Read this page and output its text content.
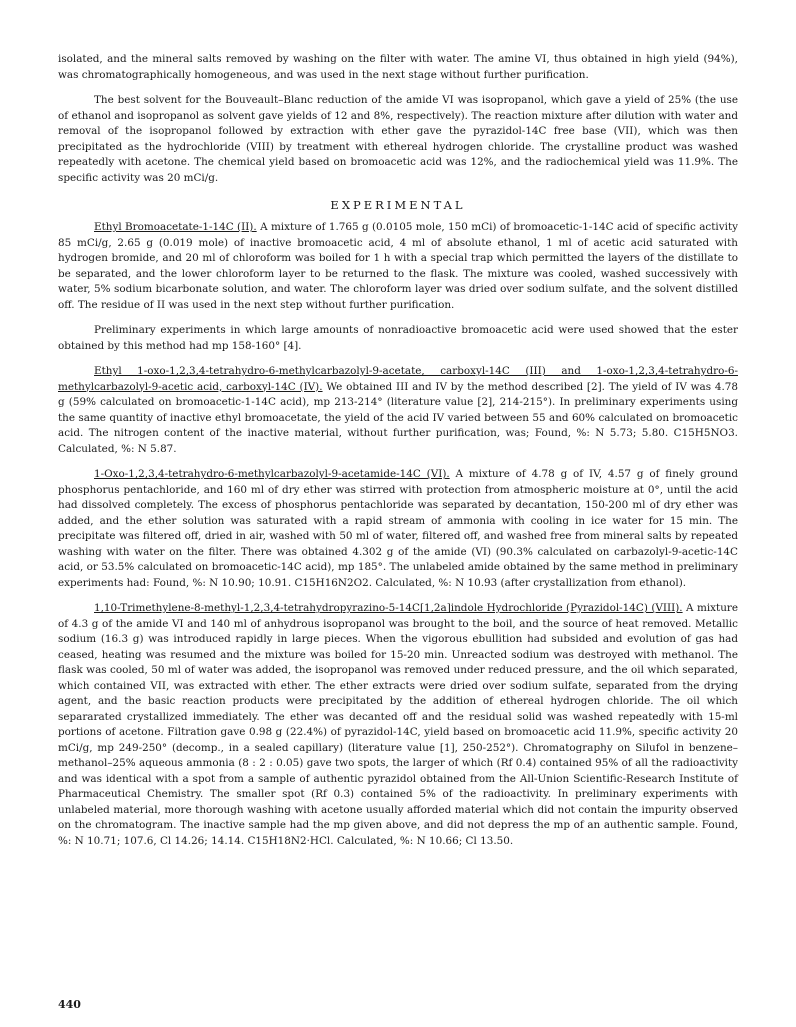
isolated, and the mineral salts removed by washing on the filter with water. The amine VI, thus obtained in high yield (94%), was chromatographically homogeneous, and was used in the next stage without further purification.

The best solvent for the Bouveault–Blanc reduction of the amide VI was isopropanol, which gave a yield of 25% (the use of ethanol and isopropanol as solvent gave yields of 12 and 8%, respectively). The reaction mixture after dilution with water and removal of the isopropanol followed by extraction with ether gave the pyrazidol-14C free base (VII), which was then precipitated as the hydrochloride (VIII) by treatment with ethereal hydrogen chloride. The crystalline product was washed repeatedly with acetone. The chemical yield based on bromoacetic acid was 12%, and the radiochemical yield was 11.9%. The specific activity was 20 mCi/g.

EXPERIMENTAL

Ethyl Bromoacetate-1-14C (II). A mixture of 1.765 g (0.0105 mole, 150 mCi) of bromoacetic-1-14C acid of specific activity 85 mCi/g, 2.65 g (0.019 mole) of inactive bromoacetic acid, 4 ml of absolute ethanol, 1 ml of acetic acid saturated with hydrogen bromide, and 20 ml of chloroform was boiled for 1 h with a special trap which permitted the layers of the distillate to be separated, and the lower chloroform layer to be returned to the flask. The mixture was cooled, washed successively with water, 5% sodium bicarbonate solution, and water. The chloroform layer was dried over sodium sulfate, and the solvent distilled off. The residue of II was used in the next step without further purification.

Preliminary experiments in which large amounts of nonradioactive bromoacetic acid were used showed that the ester obtained by this method had mp 158-160° [4].

Ethyl 1-oxo-1,2,3,4-tetrahydro-6-methylcarbazolyl-9-acetate, carboxyl-14C (III) and 1-oxo-1,2,3,4-tetrahydro-6-methylcarbazolyl-9-acetic acid, carboxyl-14C (IV). We obtained III and IV by the method described [2]. The yield of IV was 4.78 g (59% calculated on bromoacetic-1-14C acid), mp 213-214° (literature value [2], 214-215°). In preliminary experiments using the same quantity of inactive ethyl bromoacetate, the yield of the acid IV varied between 55 and 60% calculated on bromoacetic acid. The nitrogen content of the inactive material, without further purification, was; Found, %: N 5.73; 5.80. C15H5NO3. Calculated, %: N 5.87.

1-Oxo-1,2,3,4-tetrahydro-6-methylcarbazolyl-9-acetamide-14C (VI). A mixture of 4.78 g of IV, 4.57 g of finely ground phosphorus pentachloride, and 160 ml of dry ether was stirred with protection from atmospheric moisture at 0°, until the acid had dissolved completely. The excess of phosphorus pentachloride was separated by decantation, 150-200 ml of dry ether was added, and the ether solution was saturated with a rapid stream of ammonia with cooling in ice water for 15 min. The precipitate was filtered off, dried in air, washed with 50 ml of water, filtered off, and washed free from mineral salts by repeated washing with water on the filter. There was obtained 4.302 g of the amide (VI) (90.3% calculated on carbazolyl-9-acetic-14C acid, or 53.5% calculated on bromoacetic-14C acid), mp 185°. The unlabeled amide obtained by the same method in preliminary experiments had: Found, %: N 10.90; 10.91. C15H16N2O2. Calculated, %: N 10.93 (after crystallization from ethanol).

1,10-Trimethylene-8-methyl-1,2,3,4-tetrahydropyrazino-5-14C[1,2a]indole Hydrochloride (Pyrazidol-14C) (VIII). A mixture of 4.3 g of the amide VI and 140 ml of anhydrous isopropanol was brought to the boil, and the source of heat removed. Metallic sodium (16.3 g) was introduced rapidly in large pieces. When the vigorous ebullition had subsided and evolution of gas had ceased, heating was resumed and the mixture was boiled for 15-20 min. Unreacted sodium was destroyed with methanol. The flask was cooled, 50 ml of water was added, the isopropanol was removed under reduced pressure, and the oil which separated, which contained VII, was extracted with ether. The ether extracts were dried over sodium sulfate, separated from the drying agent, and the basic reaction products were precipitated by the addition of ethereal hydrogen chloride. The oil which separarated crystallized immediately. The ether was decanted off and the residual solid was washed repeatedly with 15-ml portions of acetone. Filtration gave 0.98 g (22.4%) of pyrazidol-14C, yield based on bromoacetic acid 11.9%, specific activity 20 mCi/g, mp 249-250° (decomp., in a sealed capillary) (literature value [1], 250-252°). Chromatography on Silufol in benzene–methanol–25% aqueous ammonia (8 : 2 : 0.05) gave two spots, the larger of which (Rf 0.4) contained 95% of all the radioactivity and was identical with a spot from a sample of authentic pyrazidol obtained from the All-Union Scientific-Research Institute of Pharmaceutical Chemistry. The smaller spot (Rf 0.3) contained 5% of the radioactivity. In preliminary experiments with unlabeled material, more thorough washing with acetone usually afforded material which did not contain the impurity observed on the chromatogram. The inactive sample had the mp given above, and did not depress the mp of an authentic sample. Found, %: N 10.71; 107.6, Cl 14.26; 14.14. C15H18N2·HCl. Calculated, %: N 10.66; Cl 13.50.

440
